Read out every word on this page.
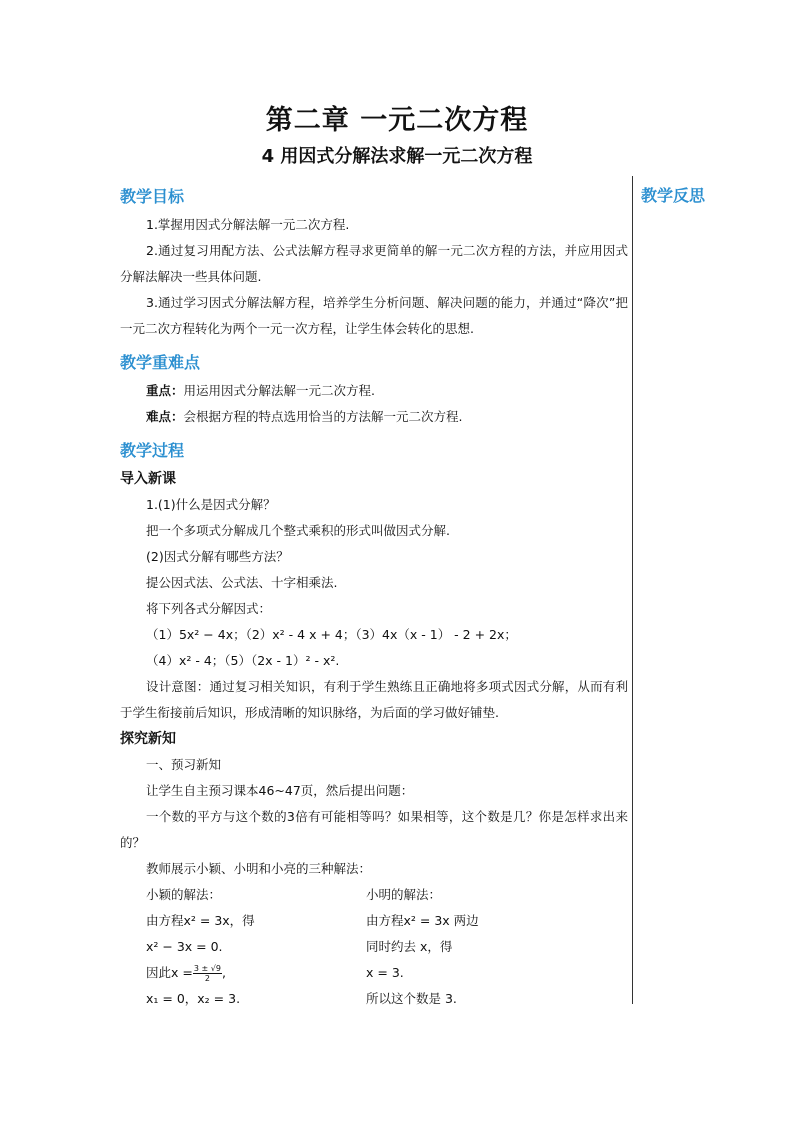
第二章 一元二次方程
4 用因式分解法求解一元二次方程
教学反思

教学目标

1.掌握用因式分解法解一元二次方程.

2.通过复习用配方法、公式法解方程寻求更简单的解一元二次方程的方法，并应用因式分解法解决一些具体问题.

3.通过学习因式分解法解方程，培养学生分析问题、解决问题的能力，并通过“降次”把一元二次方程转化为两个一元一次方程，让学生体会转化的思想.

教学重难点

重点：用运用因式分解法解一元二次方程.

难点：会根据方程的特点选用恰当的方法解一元二次方程.

教学过程

导入新课

1.(1)什么是因式分解？

把一个多项式分解成几个整式乘积的形式叫做因式分解.

(2)因式分解有哪些方法？

提公因式法、公式法、十字相乘法.

将下列各式分解因式：

（1）5x² − 4x；（2）x² - 4 x + 4；（3）4x（x - 1） - 2 + 2x；

（4）x² - 4；（5）（2x - 1）² - x².

设计意图：通过复习相关知识，有利于学生熟练且正确地将多项式因式分解，从而有利于学生衔接前后知识，形成清晰的知识脉络，为后面的学习做好铺垫.

探究新知

一、预习新知

让学生自主预习课本46~47页，然后提出问题：

一个数的平方与这个数的3倍有可能相等吗？如果相等，这个数是几？你是怎样求出来的？

教师展示小颖、小明和小亮的三种解法：

小颖的解法：

由方程x² = 3x，得

x² − 3x = 0.

因此$x = \frac{3 \pm √9}{2}$ ,

x₁ = 0，x₂ = 3.

小明的解法：

由方程x² = 3x 两边

同时约去 x，得

x = 3.

所以这个数是 3.
